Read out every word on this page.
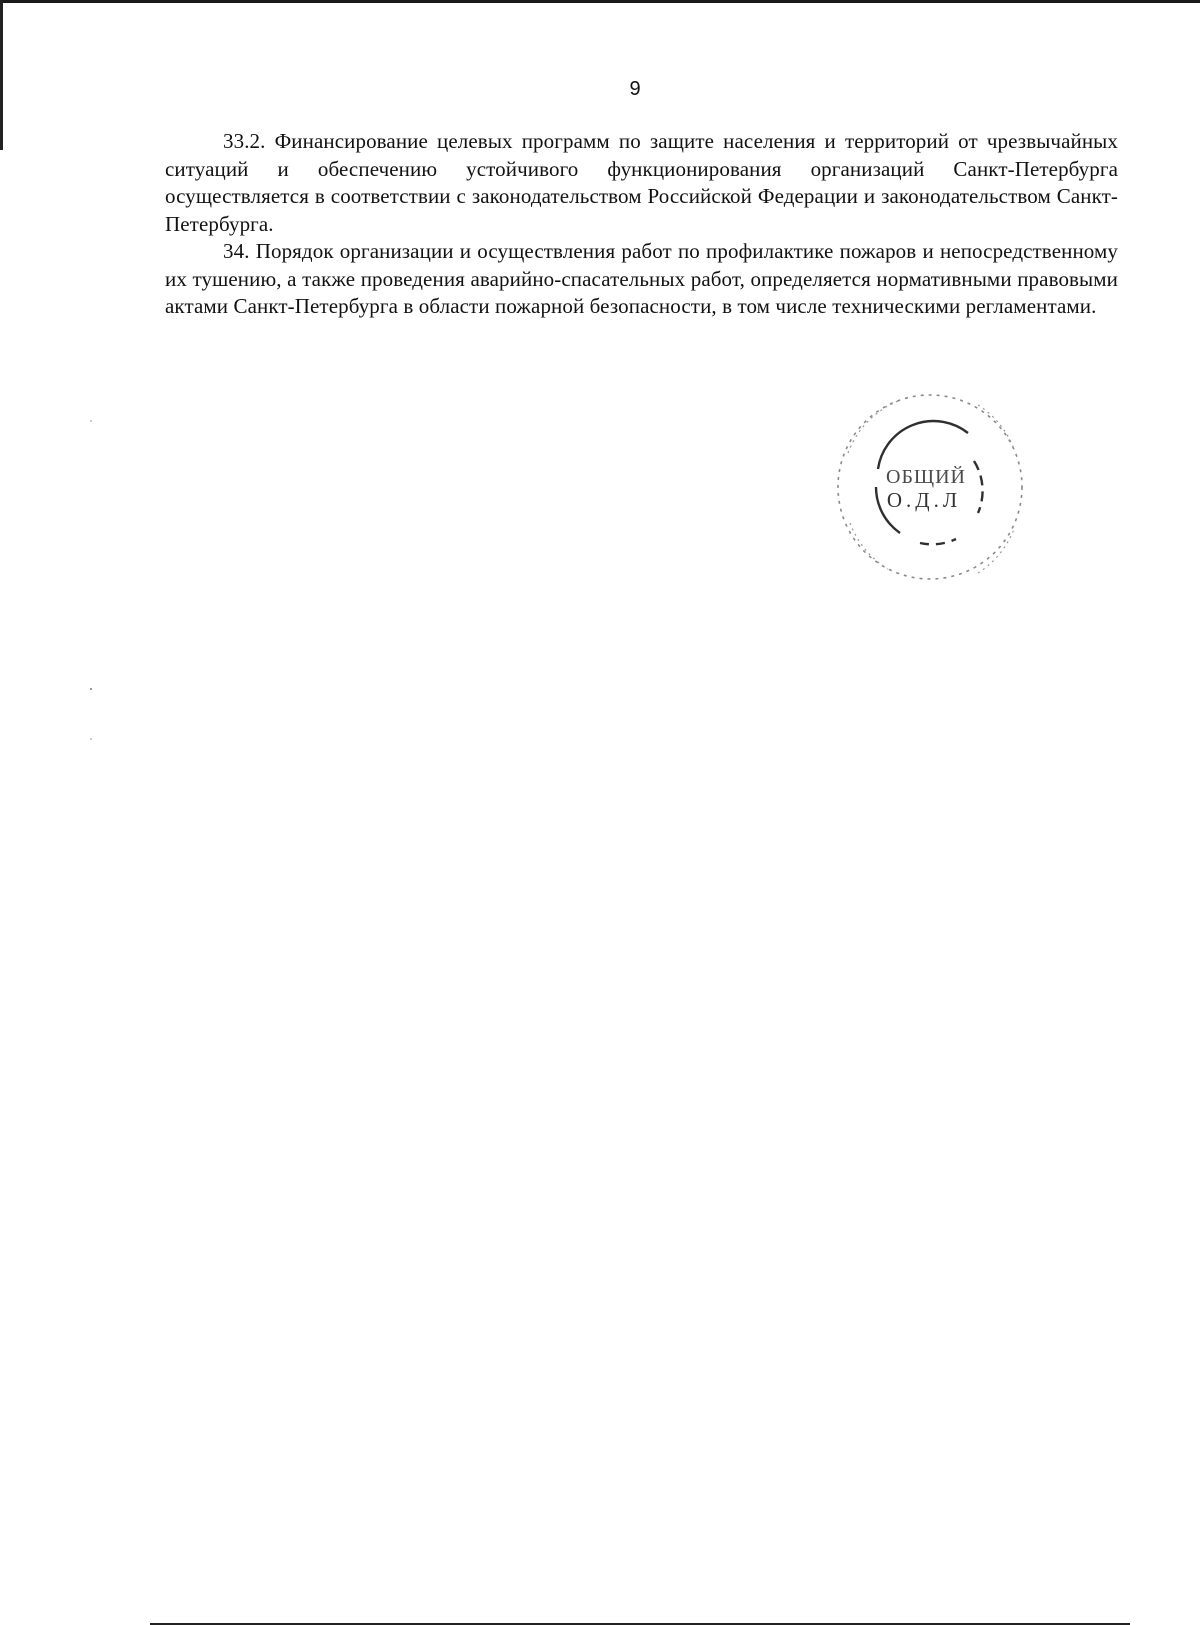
9

33.2. Финансирование целевых программ по защите населения и территорий от чрезвычайных ситуаций и обеспечению устойчивого функционирования организаций Санкт-Петербурга осуществляется в соответствии с законодательством Российской Федерации и законодательством Санкт-Петербурга.

34. Порядок организации и осуществления работ по профилактике пожаров и непосредственному их тушению, а также проведения аварийно-спасательных работ, определяется нормативными правовыми актами Санкт-Петербурга в области пожарной безопасности, в том числе техническими регламентами.

ОБЩИЙ
О.Д.Л
